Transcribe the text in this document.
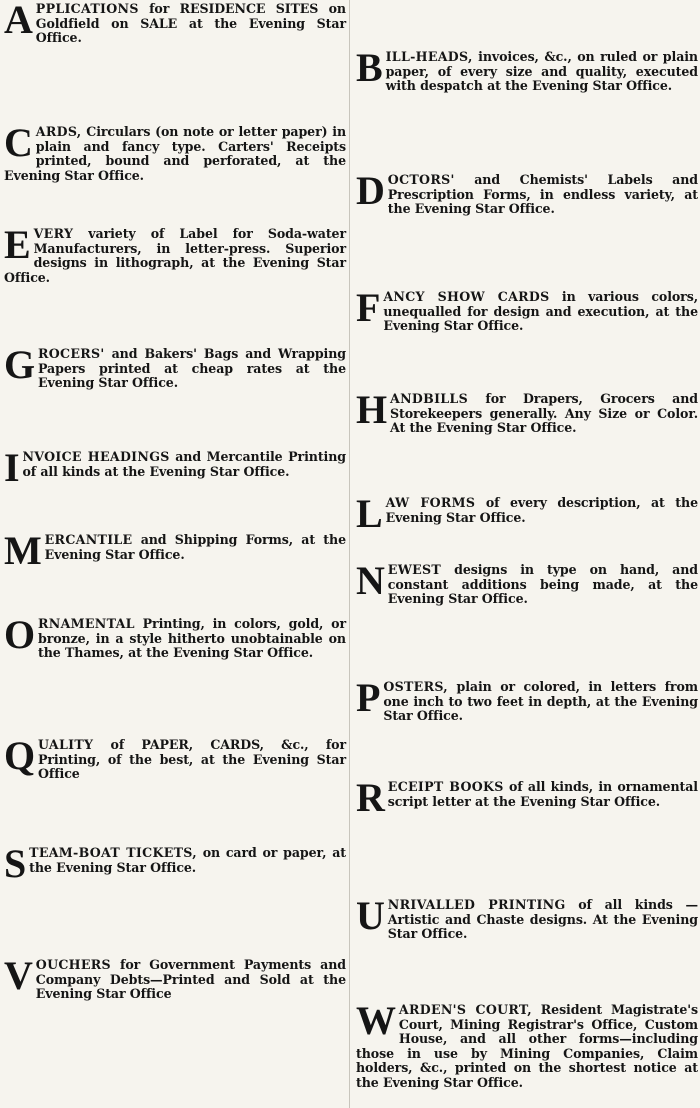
APPLICATIONS for RESIDENCE SITES on Goldfield on SALE at the Evening Star Office.
CARDS, Circulars (on note or letter paper) in plain and fancy type. Carters' Receipts printed, bound and perforated, at the Evening Star Office.
EVERY variety of Label for Soda-water Manufacturers, in letter-press. Superior designs in lithograph, at the Evening Star Office.
GROCERS' and Bakers' Bags and Wrapping Papers printed at cheap rates at the Evening Star Office.
INVOICE HEADINGS and Mercantile Printing of all kinds at the Evening Star Office.
MERCANTILE and Shipping Forms, at the Evening Star Office.
ORNAMENTAL Printing, in colors, gold, or bronze, in a style hitherto unobtainable on the Thames, at the Evening Star Office.
QUALITY of PAPER, CARDS, &c., for Printing, of the best, at the Evening Star Office
STEAM-BOAT TICKETS, on card or paper, at the Evening Star Office.
VOUCHERS for Government Payments and Company Debts—Printed and Sold at the Evening Star Office
BILL-HEADS, invoices, &c., on ruled or plain paper, of every size and quality, executed with despatch at the Evening Star Office.
DOCTORS' and Chemists' Labels and Prescription Forms, in endless variety, at the Evening Star Office.
FANCY SHOW CARDS in various colors, unequalled for design and execution, at the Evening Star Office.
HANDBILLS for Drapers, Grocers and Storekeepers generally. Any Size or Color. At the Evening Star Office.
LAW FORMS of every description, at the Evening Star Office.
NEWEST designs in type on hand, and constant additions being made, at the Evening Star Office.
POSTERS, plain or colored, in letters from one inch to two feet in depth, at the Evening Star Office.
RECEIPT BOOKS of all kinds, in ornamental script letter at the Evening Star Office.
UNRIVALLED PRINTING of all kinds —Artistic and Chaste designs. At the Evening Star Office.
WARDEN'S COURT, Resident Magistrate's Court, Mining Registrar's Office, Custom House, and all other forms—including those in use by Mining Companies, Claim holders, &c., printed on the shortest notice at the Evening Star Office.
